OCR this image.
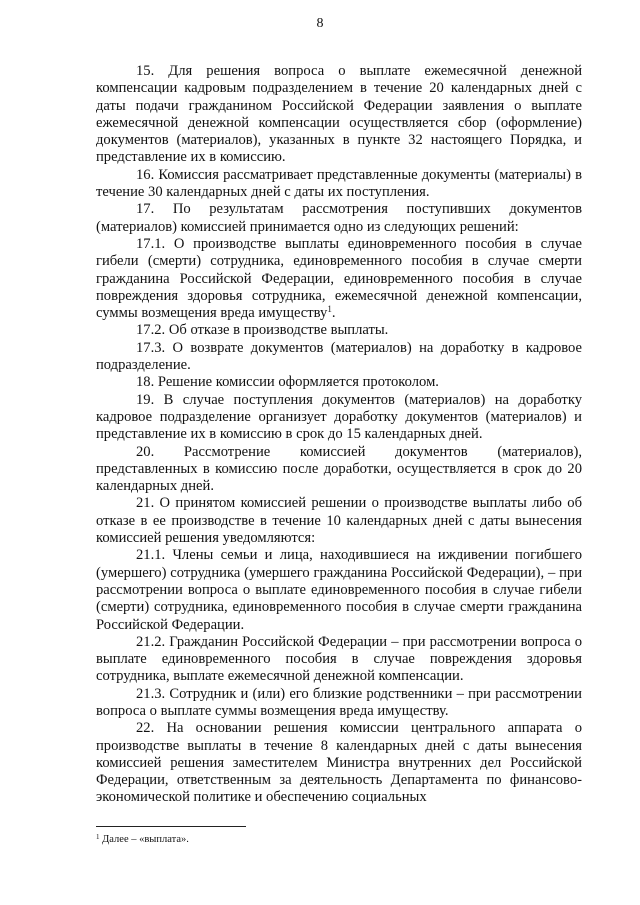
8

15. Для решения вопроса о выплате ежемесячной денежной компенсации кадровым подразделением в течение 20 календарных дней с даты подачи гражданином Российской Федерации заявления о выплате ежемесячной денежной компенсации осуществляется сбор (оформление) документов (материалов), указанных в пункте 32 настоящего Порядка, и представление их в комиссию.

16. Комиссия рассматривает представленные документы (материалы) в течение 30 календарных дней с даты их поступления.

17. По результатам рассмотрения поступивших документов (материалов) комиссией принимается одно из следующих решений:

17.1. О производстве выплаты единовременного пособия в случае гибели (смерти) сотрудника, единовременного пособия в случае смерти гражданина Российской Федерации, единовременного пособия в случае повреждения здоровья сотрудника, ежемесячной денежной компенсации, суммы возмещения вреда имуществу$^1$.

17.2. Об отказе в производстве выплаты.

17.3. О возврате документов (материалов) на доработку в кадровое подразделение.

18. Решение комиссии оформляется протоколом.

19. В случае поступления документов (материалов) на доработку кадровое подразделение организует доработку документов (материалов) и представление их в комиссию в срок до 15 календарных дней.

20. Рассмотрение комиссией документов (материалов), представленных в комиссию после доработки, осуществляется в срок до 20 календарных дней.

21. О принятом комиссией решении о производстве выплаты либо об отказе в ее производстве в течение 10 календарных дней с даты вынесения комиссией решения уведомляются:

21.1. Члены семьи и лица, находившиеся на иждивении погибшего (умершего) сотрудника (умершего гражданина Российской Федерации), – при рассмотрении вопроса о выплате единовременного пособия в случае гибели (смерти) сотрудника, единовременного пособия в случае смерти гражданина Российской Федерации.

21.2. Гражданин Российской Федерации – при рассмотрении вопроса о выплате единовременного пособия в случае повреждения здоровья сотрудника, выплате ежемесячной денежной компенсации.

21.3. Сотрудник и (или) его близкие родственники – при рассмотрении вопроса о выплате суммы возмещения вреда имуществу.

22. На основании решения комиссии центрального аппарата о производстве выплаты в течение 8 календарных дней с даты вынесения комиссией решения заместителем Министра внутренних дел Российской Федерации, ответственным за деятельность Департамента по финансово-экономической политике и обеспечению социальных

$^1$ Далее – «выплата».
